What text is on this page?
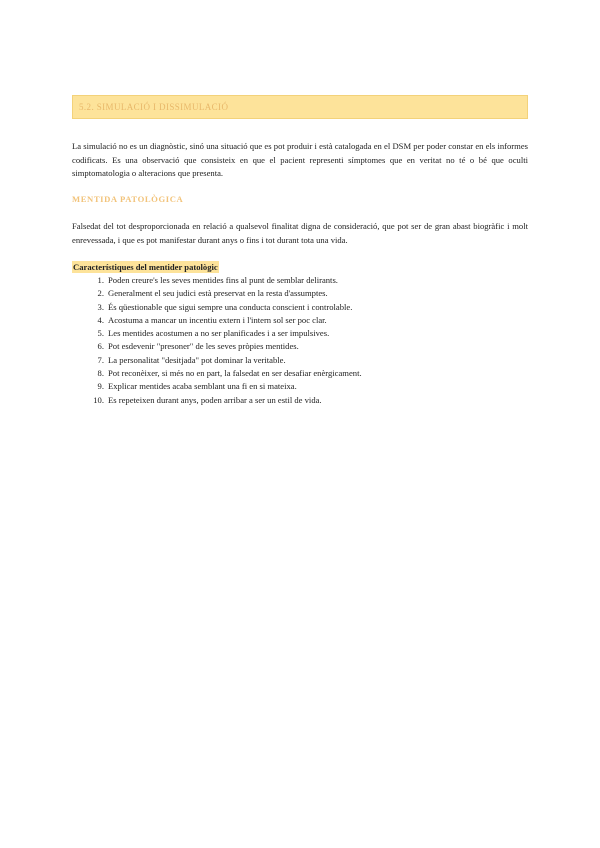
5.2. SIMULACIÓ I DISSIMULACIÓ

La simulació no es un diagnòstic, sinó una situació que es pot produir i està catalogada en el DSM per poder constar en els informes codificats. Es una observació que consisteix en que el pacient representi símptomes que en veritat no té o bé que oculti simptomatologia o alteracions que presenta.

MENTIDA PATOLÒGICA

Falsedat del tot desproporcionada en relació a qualsevol finalitat digna de consideració, que pot ser de gran abast biogràfic i molt enrevessada, i que es pot manifestar durant anys o fins i tot durant tota una vida.

Característiques del mentider patològic
1. Poden creure's les seves mentides fins al punt de semblar delirants.
2. Generalment el seu judici està preservat en la resta d'assumptes.
3. És qüestionable que sigui sempre una conducta conscient i controlable.
4. Acostuma a mancar un incentiu extern i l'intern sol ser poc clar.
5. Les mentides acostumen a no ser planificades i a ser impulsives.
6. Pot esdevenir "presoner" de les seves pròpies mentides.
7. La personalitat "desitjada" pot dominar la veritable.
8. Pot reconèixer, si més no en part, la falsedat en ser desafiar enèrgicament.
9. Explicar mentides acaba semblant una fi en si mateixa.
10. Es repeteixen durant anys, poden arribar a ser un estil de vida.
